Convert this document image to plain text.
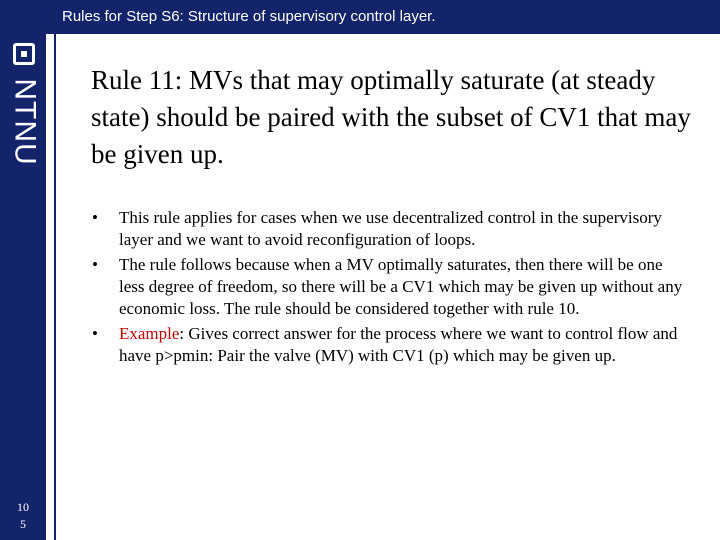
NTNU
10
5
Rules for Step S6: Structure of supervisory control layer.
Rule 11: MVs that may optimally saturate (at steady state) should be paired with the subset of CV1 that may be given up.
• This rule applies for cases when we use decentralized control in the supervisory layer and we want to avoid reconfiguration of loops.
• The rule follows because when a MV optimally saturates, then there will be one less degree of freedom, so there will be a CV1 which may be given up without any economic loss. The rule should be considered together with rule 10.
• Example: Gives correct answer for the process where we want to control flow and have p>pmin: Pair the valve (MV) with CV1 (p) which may be given up.
